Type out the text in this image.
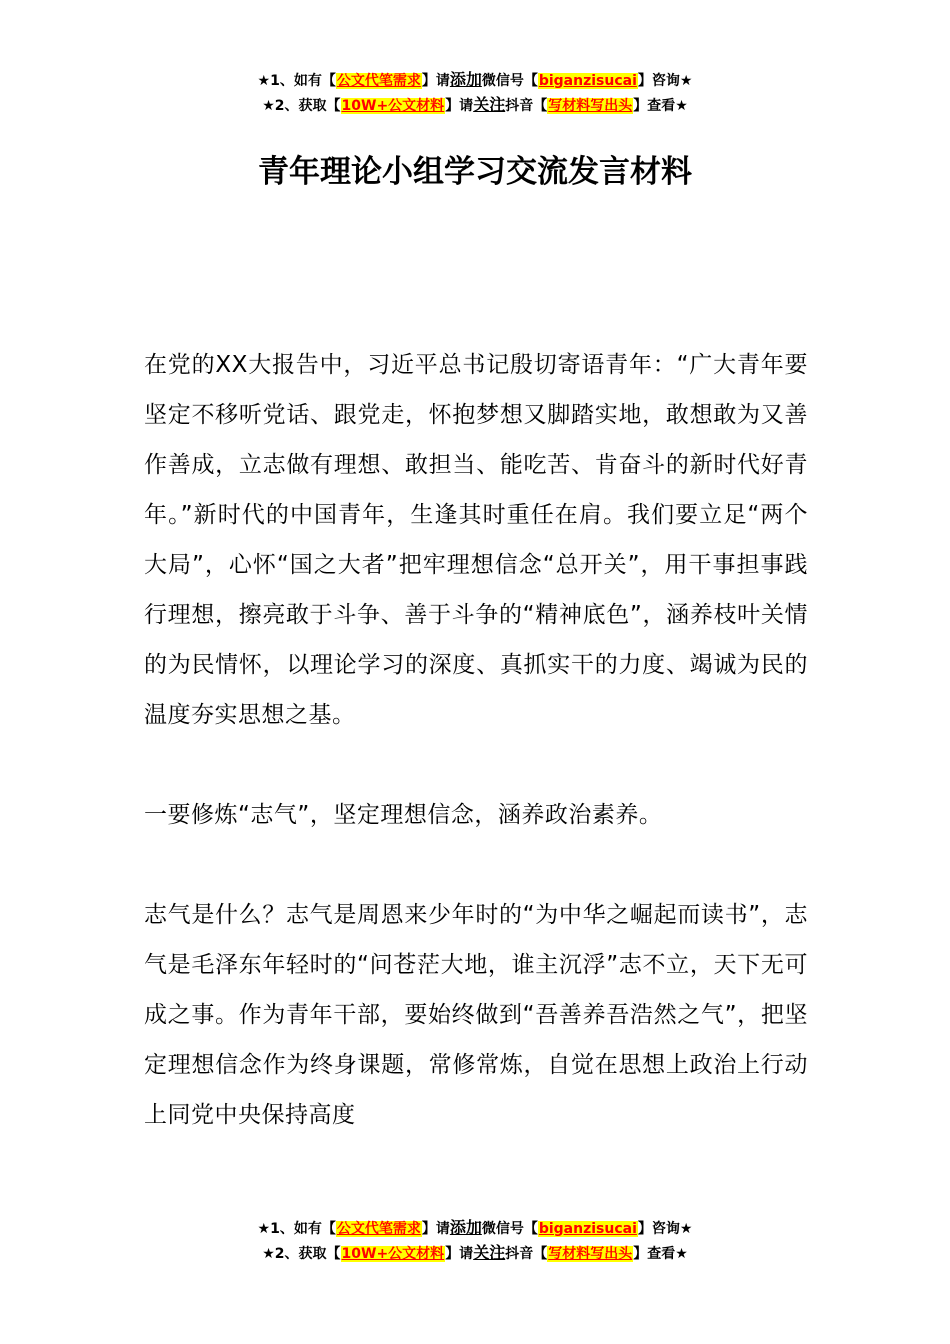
★1、如有【公文代笔需求】请添加微信号【biganzisucai】咨询★
★2、获取【10W+公文材料】请关注抖音【写材料写出头】查看★
青年理论小组学习交流发言材料

在党的XX大报告中，习近平总书记殷切寄语青年：“广大青年要坚定不移听党话、跟党走，怀抱梦想又脚踏实地，敢想敢为又善作善成，立志做有理想、敢担当、能吃苦、肯奋斗的新时代好青年。”新时代的中国青年，生逢其时重任在肩。我们要立足“两个大局”，心怀“国之大者”把牢理想信念“总开关”，用干事担事践行理想，擦亮敢于斗争、善于斗争的“精神底色”，涵养枝叶关情的为民情怀，以理论学习的深度、真抓实干的力度、竭诚为民的温度夯实思想之基。

一要修炼“志气”，坚定理想信念，涵养政治素养。

志气是什么？志气是周恩来少年时的“为中华之崛起而读书”，志气是毛泽东年轻时的“问苍茫大地，谁主沉浮”志不立，天下无可成之事。作为青年干部，要始终做到“吾善养吾浩然之气”，把坚定理想信念作为终身课题，常修常炼，自觉在思想上政治上行动上同党中央保持高度

★1、如有【公文代笔需求】请添加微信号【biganzisucai】咨询★
★2、获取【10W+公文材料】请关注抖音【写材料写出头】查看★
